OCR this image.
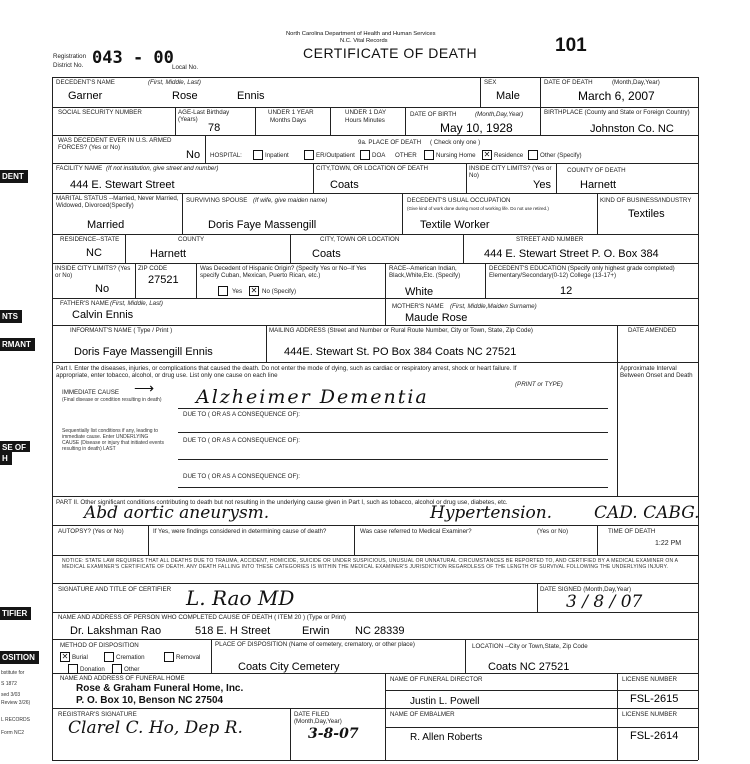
North Carolina Department of Health and Human Services
N.C. Vital Records
CERTIFICATE OF DEATH	101
Registration
District No. 043 - 00
Local No.
DENT
NTS
RMANT
SE OF
H
TIFIER
OSITION
bstitute for
S 1872
sed 3/03
Review 3/26)
L RECORDS
Form NC2
DECEDENT'S NAME	(First, Middle, Last)
Garner	Rose	Ennis
SEX
Male
DATE OF DEATH	(Month,Day,Year)
March 6, 2007
SOCIAL SECURITY NUMBER	AGE-Last Birthday (Years)
78
UNDER 1 YEAR
Months Days
UNDER 1 DAY
Hours Minutes
DATE OF BIRTH	(Month,Day,Year)
May 10, 1928
BIRTHPLACE (County and State or Foreign Country)
Johnston Co. NC
WAS DECEDENT EVER IN U.S. ARMED FORCES? (Yes or No)
No
9a. PLACE OF DEATH ( Check only one )
HOSPITAL:	Inpatient	ER/Outpatient	DOA OTHER	Nursing Home ✕	Residence	Other (Specify)
FACILITY NAME (If not institution, give street and number)
444 E. Stewart Street
CITY,TOWN, OR LOCATION OF DEATH
Coats
INSIDE CITY LIMITS? (Yes or No)
Yes
COUNTY OF DEATH
Harnett
MARITAL STATUS --Married, Never Married, Widowed, Divorced(Specify)
Married
SURVIVING SPOUSE (If wife, give maiden name)
Doris Faye Massengill
DECEDENT'S USUAL OCCUPATION
(Give kind of work done during most of working life. Do not use retired.)
Textile Worker
KIND OF BUSINESS/INDUSTRY
Textiles
RESIDENCE--STATE
NC
COUNTY
Harnett
CITY, TOWN OR LOCATION
Coats
STREET AND NUMBER
444 E. Stewart Street P. O. Box 384
INSIDE CITY LIMITS? (Yes or No)
No
ZIP CODE
27521
Was Decedent of Hispanic Origin? (Specify Yes or No--If Yes specify Cuban, Mexican, Puerto Rican, etc.)
Yes ✕	No (Specify)
RACE--American Indian, Black,White,Etc. (Specify)
White
DECEDENT'S EDUCATION (Specify only highest grade completed) Elementary/Secondary(0-12) College (13-17+)
12
FATHER'S NAME (First, Middle, Last)
Calvin Ennis
MOTHER'S NAME (First, Middle,Maiden Surname)
Maude Rose
INFORMANT'S NAME ( Type / Print )
Doris Faye Massengill Ennis
MAILING ADDRESS (Street and Number or Rural Route Number, City or Town, State, Zip Code)
444E. Stewart St. PO Box 384 Coats NC 27521
DATE AMENDED
Part I. Enter the diseases, injuries, or complications that caused the death. Do not enter the mode of dying, such as cardiac or respiratory arrest, shock or heart failure. If appropriate, enter tobacco, alcohol, or drug use. List only one cause on each line
(PRINT or TYPE)
Approximate Interval Between Onset and Death
IMMEDIATE CAUSE
(Final disease or condition resulting in death)
⟶ Alzheimer Dementia
DUE TO ( OR AS A CONSEQUENCE OF):
Sequentially list conditions if any, leading to immediate cause. Enter UNDERLYING CAUSE (Disease or injury that initiated events resulting in death) LAST
DUE TO ( OR AS A CONSEQUENCE OF):
DUE TO ( OR AS A CONSEQUENCE OF):
PART II. Other significant conditions contributing to death but not resulting in the underlying cause given in Part I, such as tobacco, alcohol or drug use, diabetes, etc.
Abd aortic aneurysm.	Hypertension. CAD. CABG.
AUTOPSY? (Yes or No)	If Yes, were findings considered in determining cause of death?	Was case referred to Medical Examiner?	(Yes or No)	TIME OF DEATH
1:22 PM
NOTICE: STATE LAW REQUIRES THAT ALL DEATHS DUE TO TRAUMA, ACCIDENT, HOMICIDE, SUICIDE OR UNDER SUSPICIOUS, UNUSUAL OR UNNATURAL CIRCUMSTANCES BE REPORTED TO, AND CERTIFIED BY A MEDICAL EXAMINER ON A MEDICAL EXAMINER'S CERTIFICATE OF DEATH. ANY DEATH FALLING INTO THESE CATEGORIES IS WITHIN THE MEDICAL EXAMINER'S JURISDICTION REGARDLESS OF THE LENGTH OF SURVIVAL FOLLOWING THE UNDERLYING INJURY.
SIGNATURE AND TITLE OF CERTIFIER L. Rao MD	DATE SIGNED (Month,Day,Year)
3 / 8 / 07
NAME AND ADDRESS OF PERSON WHO COMPLETED CAUSE OF DEATH ( ITEM 20 ) (Type or Print)
Dr. Lakshman Rao	518 E. H Street	Erwin NC 28339
METHOD OF DISPOSITION
✕
Burial	Cremation	Removal
Donation	Other
PLACE OF DISPOSITION (Name of cemetery, crematory, or other place)
Coats City Cemetery
LOCATION --City or Town,State, Zip Code
Coats NC 27521
NAME AND ADDRESS OF FUNERAL HOME
Rose & Graham Funeral Home, Inc.
P. O. Box 10, Benson NC 27504
NAME OF FUNERAL DIRECTOR
Justin L. Powell
LICENSE NUMBER
FSL-2615
REGISTRAR'S SIGNATURE
Clarel C. Ho, Dep R.
DATE FILED (Month,Day,Year)
3-8-07
NAME OF EMBALMER
R. Allen Roberts
LICENSE NUMBER
FSL-2614
